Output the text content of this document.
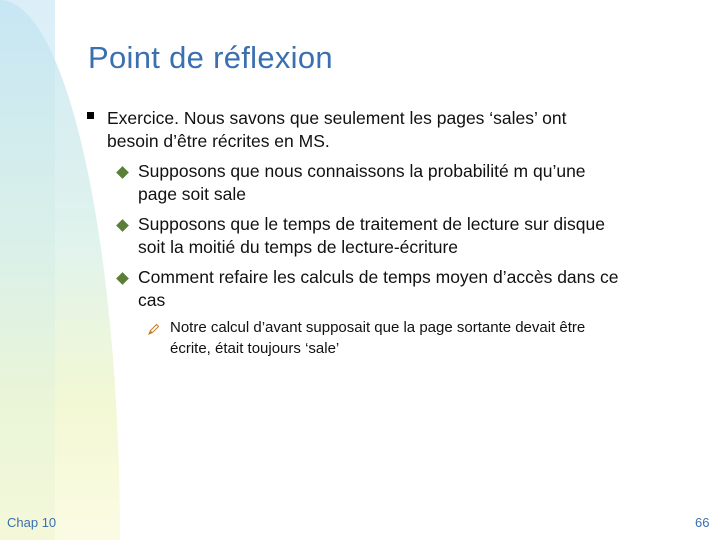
Point de réflexion
Exercice. Nous savons que seulement les pages ‘sales’ ont
besoin d’être récrites en MS.
Supposons que nous connaissons la probabilité m qu’une
page soit sale
Supposons que le temps de traitement de lecture sur disque
soit la moitié du temps de lecture-écriture
Comment refaire les calculs de temps moyen d’accès dans ce
cas
Notre calcul d’avant supposait que la page sortante devait être
écrite, était toujours ‘sale’
Chap 10	66
